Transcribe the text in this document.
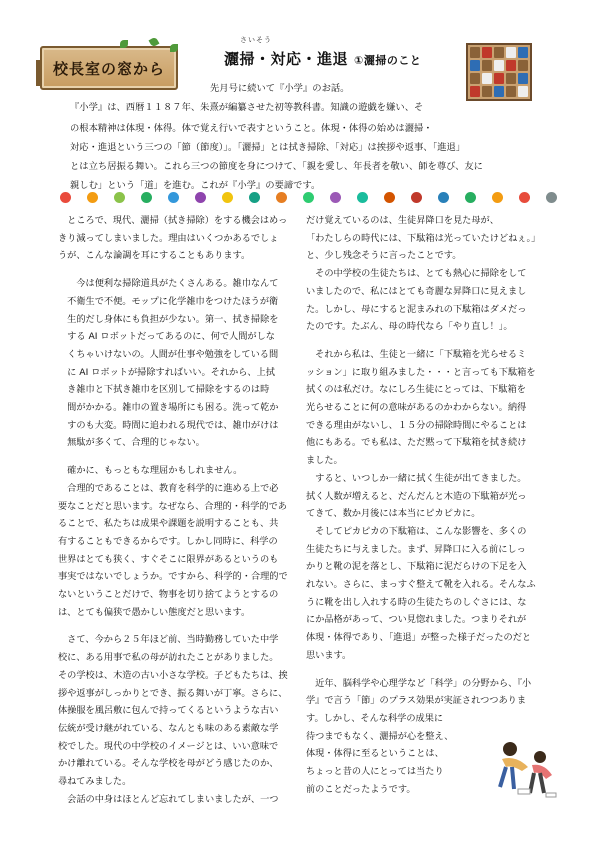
校長室の窓から
さいそう
灑掃・対応・進退 ①灑掃のこと
先月号に続いて『小学』のお話。
『小学』は、西暦１１８７年、朱熹が編纂させた初等教科書。知識の遊戯を嫌い、そ
の根本精神は体現・体得。体で覚え行いで表すということ。体現・体得の始めは灑掃・
対応・進退という三つの「節（節度）」。「灑掃」とは拭き掃除、「対応」は挨拶や返事、「進退」
とは立ち居振る舞い。これら三つの節度を身につけて、「親を愛し、年長者を敬い、師を尊び、友に
親しむ」という「道」を進む。これが『小学』の要諦です。

　ところで、現代、灑掃（拭き掃除）をする機会はめっ

きり減ってしまいました。理由はいくつかあるでしょ

うが、こんな論調を耳にすることもあります。

　　今は便利な掃除道具がたくさんある。雑巾なんて

　不衛生で不便。モップに化学雑巾をつけたほうが衛

　生的だし身体にも負担が少ない。第一、拭き掃除を

　する AI ロボットだってあるのに、何で人間がしな

　くちゃいけないの。人間が仕事や勉強をしている間

　に AI ロボットが掃除すればいい。それから、上拭

　き雑巾と下拭き雑巾を区別して掃除をするのは時

　間がかかる。雑巾の置き場所にも困る。洗って乾か

　すのも大変。時間に追われる現代では、雑巾がけは

　無駄が多くて、合理的じゃない。

　確かに、もっともな理屈かもしれません。

　合理的であることは、教育を科学的に進める上で必

要なことだと思います。なぜなら、合理的・科学的であ

ることで、私たちは成果や課題を説明することも、共

有することもできるからです。しかし同時に、科学の

世界はとても狭く、すぐそこに限界があるというのも

事実ではないでしょうか。ですから、科学的・合理的で

ないということだけで、物事を切り捨てようとするの

は、とても偏狭で愚かしい態度だと思います。

　さて、今から２５年ほど前、当時勤務していた中学

校に、ある用事で私の母が訪れたことがありました。

その学校は、木造の古い小さな学校。子どもたちは、挨

拶や返事がしっかりとでき、振る舞いが丁寧。さらに、

体操服を風呂敷に包んで持ってくるというような古い

伝統が受け継がれている、なんとも味のある素敵な学

校でした。現代の中学校のイメージとは、いい意味で

かけ離れている。そんな学校を母がどう感じたのか、

尋ねてみました。

　会話の中身はほとんど忘れてしまいましたが、一つ

だけ覚えているのは、生徒昇降口を見た母が、

「わたしらの時代には、下駄箱は光っていたけどねぇ。」

と、少し残念そうに言ったことです。

　その中学校の生徒たちは、とても熱心に掃除をして

いましたので、私にはとても奇麗な昇降口に見えまし

た。しかし、母にすると泥まみれの下駄箱はダメだっ

たのです。たぶん、母の時代なら「やり直し！」。

　それから私は、生徒と一緒に「下駄箱を光らせるミ

ッション」に取り組みました・・・と言っても下駄箱を

拭くのは私だけ。なにしろ生徒にとっては、下駄箱を

光らせることに何の意味があるのかわからない。納得

できる理由がないし、１５分の掃除時間にやることは

他にもある。でも私は、ただ黙って下駄箱を拭き続け

ました。

　すると、いつしか一緒に拭く生徒が出てきました。

拭く人数が増えると、だんだんと木造の下駄箱が光っ

てきて、数か月後には本当にピカピカに。

　そしてピカピカの下駄箱は、こんな影響を、多くの

生徒たちに与えました。まず、昇降口に入る前にしっ

かりと靴の泥を落とし、下駄箱に泥だらけの下足を入

れない。さらに、まっすぐ整えて靴を入れる。そんなふ

うに靴を出し入れする時の生徒たちのしぐさには、な

にか品格があって、つい見惚れました。つまりそれが

体現・体得であり、「進退」が整った様子だったのだと

思います。

　近年、脳科学や心理学など「科学」の分野から、『小

学』で言う「節」のプラス効果が実証されつつありま

す。しかし、そんな科学の成果に

待つまでもなく、灑掃が心を整え、

体現・体得に至るということは、

ちょっと昔の人にとっては当たり

前のことだったようです。
